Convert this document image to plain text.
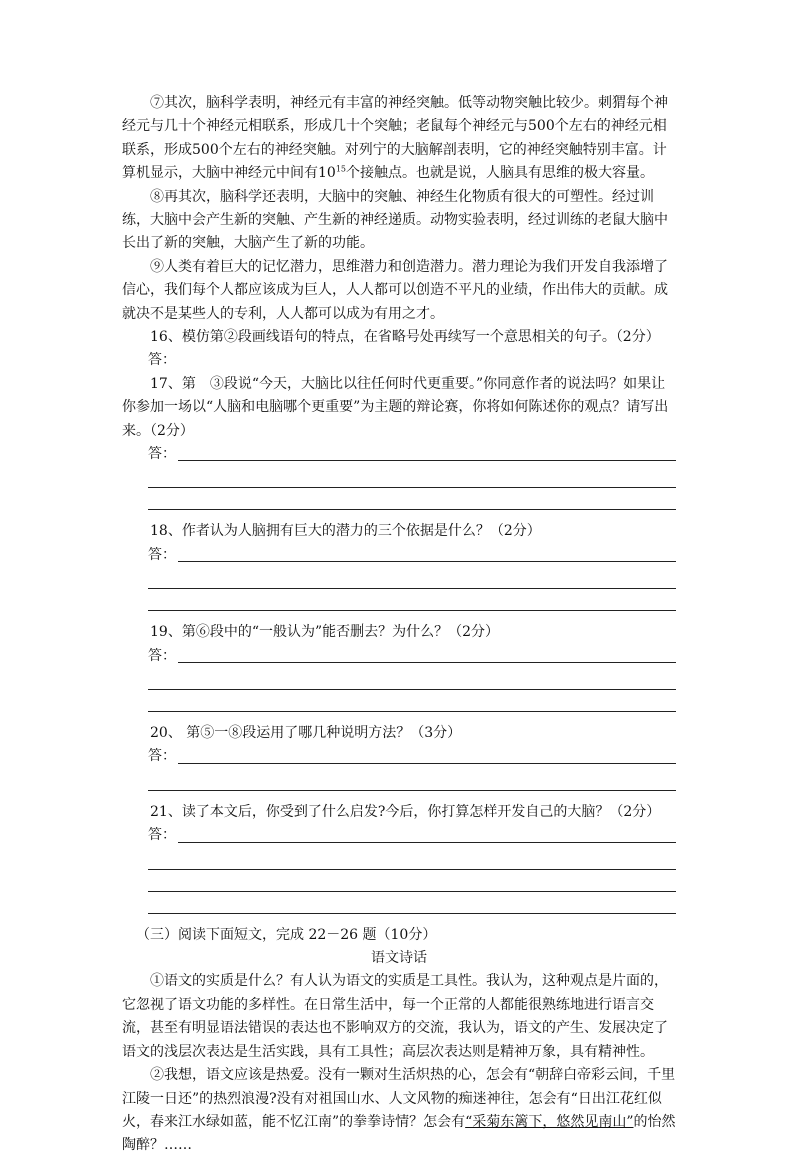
⑦其次，脑科学表明，神经元有丰富的神经突触。低等动物突触比较少。刺猬每个神经元与几十个神经元相联系，形成几十个突触；老鼠每个神经元与500个左右的神经元相联系，形成500个左右的神经突触。对列宁的大脑解剖表明，它的神经突触特别丰富。计算机显示，大脑中神经元中间有$10^{15}$个接触点。也就是说，人脑具有思维的极大容量。

⑧再其次，脑科学还表明，大脑中的突触、神经生化物质有很大的可塑性。经过训练，大脑中会产生新的突触、产生新的神经递质。动物实验表明，经过训练的老鼠大脑中长出了新的突触，大脑产生了新的功能。

⑨人类有着巨大的记忆潜力，思维潜力和创造潜力。潜力理论为我们开发自我添增了信心，我们每个人都应该成为巨人，人人都可以创造不平凡的业绩，作出伟大的贡献。成就决不是某些人的专利，人人都可以成为有用之才。

16、模仿第②段画线语句的特点，在省略号处再续写一个意思相关的句子。（2分）

答：

17、第　③段说“今天，大脑比以往任何时代更重要。”你同意作者的说法吗？如果让你参加一场以“人脑和电脑哪个更重要”为主题的辩论赛，你将如何陈述你的观点？请写出来。（2分）

答：

18、作者认为人脑拥有巨大的潜力的三个依据是什么？（2分）

答：

19、第⑥段中的“一般认为”能否删去？为什么？（2分）

答：

20、 第⑤一⑧段运用了哪几种说明方法？（3分）

答：

21、读了本文后，你受到了什么启发?今后，你打算怎样开发自己的大脑？（2分）

答：

（三）阅读下面短文，完成 22－26 题（10分）

语文诗话

①语文的实质是什么？有人认为语文的实质是工具性。我认为，这种观点是片面的，它忽视了语文功能的多样性。在日常生活中，每一个正常的人都能很熟练地进行语言交流，甚至有明显语法错误的表达也不影响双方的交流，我认为，语文的产生、发展决定了语文的浅层次表达是生活实践，具有工具性；高层次表达则是精神万象，具有精神性。

②我想，语文应该是热爱。没有一颗对生活炽热的心，怎会有“朝辞白帝彩云间，千里江陵一日还”的热烈浪漫?没有对祖国山水、人文风物的痴迷神往，怎会有“日出江花红似火，春来江水绿如蓝，能不忆江南”的拳拳诗情？怎会有“采菊东篱下，悠然见南山”的怡然陶醉？……
